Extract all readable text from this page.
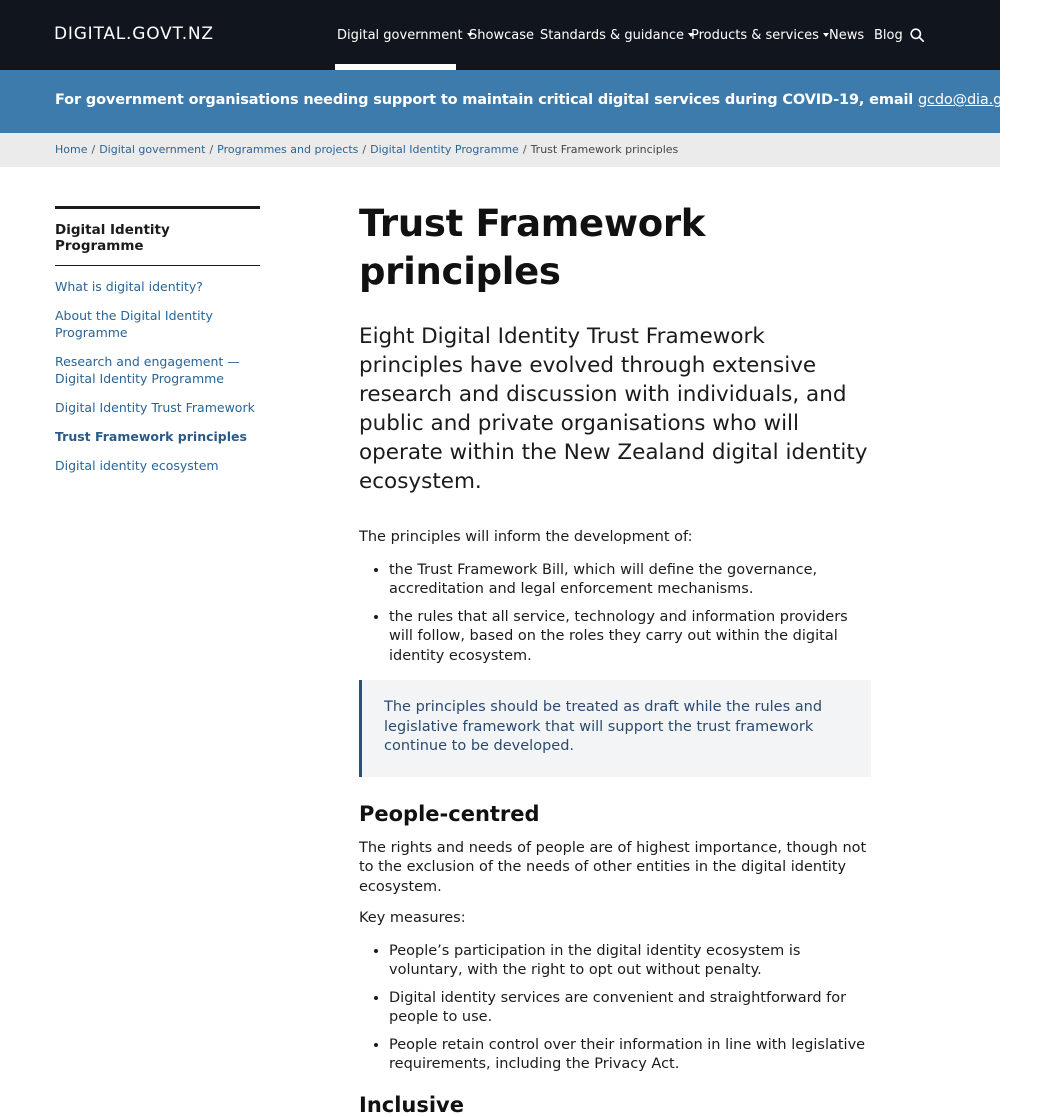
DIGITAL.GOVT.NZ	Digital government Showcase Standards & guidance Products & services News Blog
For government organisations needing support to maintain critical digital services during COVID-19, email gcdo@dia.govt.nz
Home / Digital government / Programmes and projects / Digital Identity Programme / Trust Framework principles
Digital Identity Programme
What is digital identity?
About the Digital Identity Programme
Research and engagement — Digital Identity Programme
Digital Identity Trust Framework
Trust Framework principles
Digital identity ecosystem
Trust Framework principles

Eight Digital Identity Trust Framework principles have evolved through extensive research and discussion with individuals, and public and private organisations who will operate within the New Zealand digital identity ecosystem.

The principles will inform the development of:

• the Trust Framework Bill, which will define the governance, accreditation and legal enforcement mechanisms.
• the rules that all service, technology and information providers will follow, based on the roles they carry out within the digital identity ecosystem.
The principles should be treated as draft while the rules and legislative framework that will support the trust framework continue to be developed.
People-centred

The rights and needs of people are of highest importance, though not to the exclusion of the needs of other entities in the digital identity ecosystem.

Key measures:

• People’s participation in the digital identity ecosystem is voluntary, with the right to opt out without penalty.
• Digital identity services are convenient and straightforward for people to use.
• People retain control over their information in line with legislative requirements, including the Privacy Act.
Inclusive
